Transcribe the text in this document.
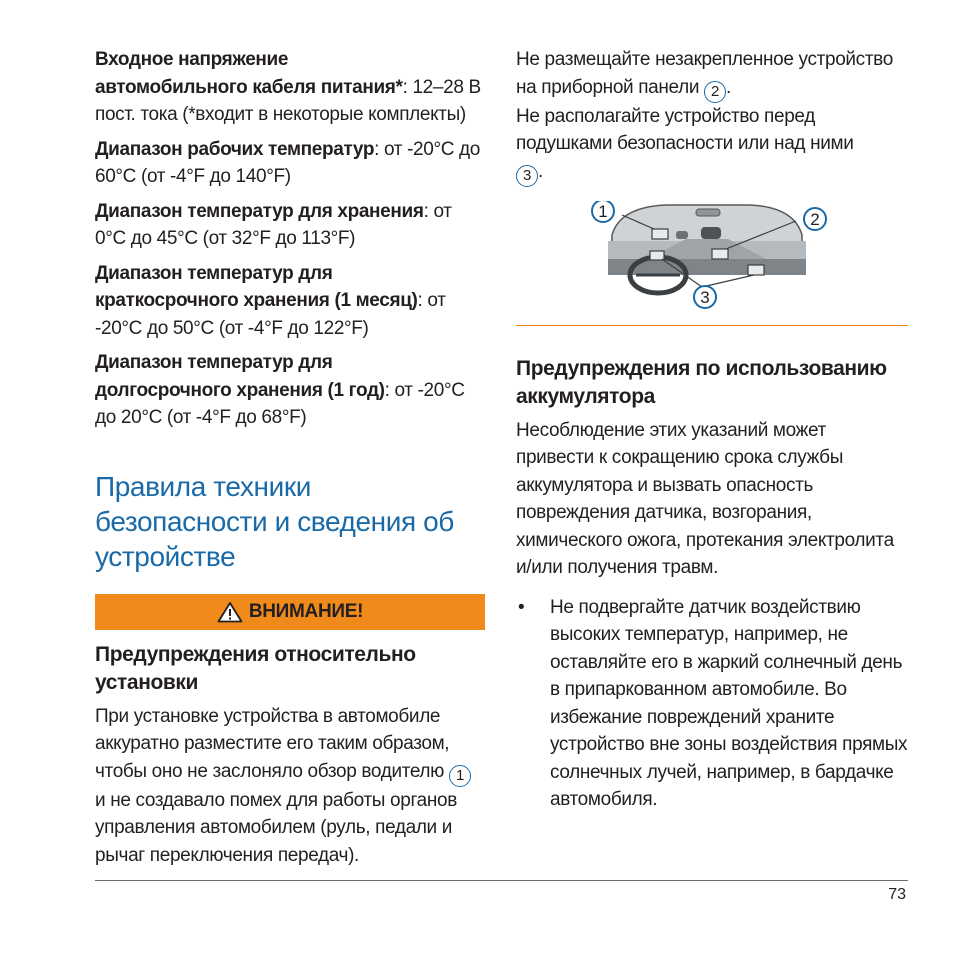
Входное напряжение
автомобильного кабеля питания*: 12–28 В пост. тока (*входит в некоторые комплекты)

Диапазон рабочих температур: от -20°C до 60°C (от -4°F до 140°F)

Диапазон температур для хранения: от 0°C до 45°C (от 32°F до 113°F)

Диапазон температур для
краткосрочного хранения (1 месяц): от -20°C до 50°C (от -4°F до 122°F)

Диапазон температур для
долгосрочного хранения (1 год): от -20°C до 20°C (от -4°F до 68°F)

Правила техники безопасности и сведения об устройстве
ВНИМАНИЕ!
Предупреждения относительно установки

При установке устройства в автомобиле аккуратно разместите его таким образом, чтобы оно не заслоняло обзор водителю 1 и не создавало помех для работы органов управления автомобилем (руль, педали и рычаг переключения передач).

Не размещайте незакрепленное устройство на приборной панели 2 .
Не располагайте устройство перед подушками безопасности или над ними
3 .

1	2
3
Предупреждения по использованию аккумулятора

Несоблюдение этих указаний может привести к сокращению срока службы аккумулятора и вызвать опасность повреждения датчика, возгорания, химического ожога, протекания электролита и/или получения травм.

• Не подвергайте датчик воздействию высоких температур, например, не оставляйте его в жаркий солнечный день в припаркованном автомобиле. Во избежание повреждений храните устройство вне зоны воздействия прямых солнечных лучей, например, в бардачке автомобиля.
73
